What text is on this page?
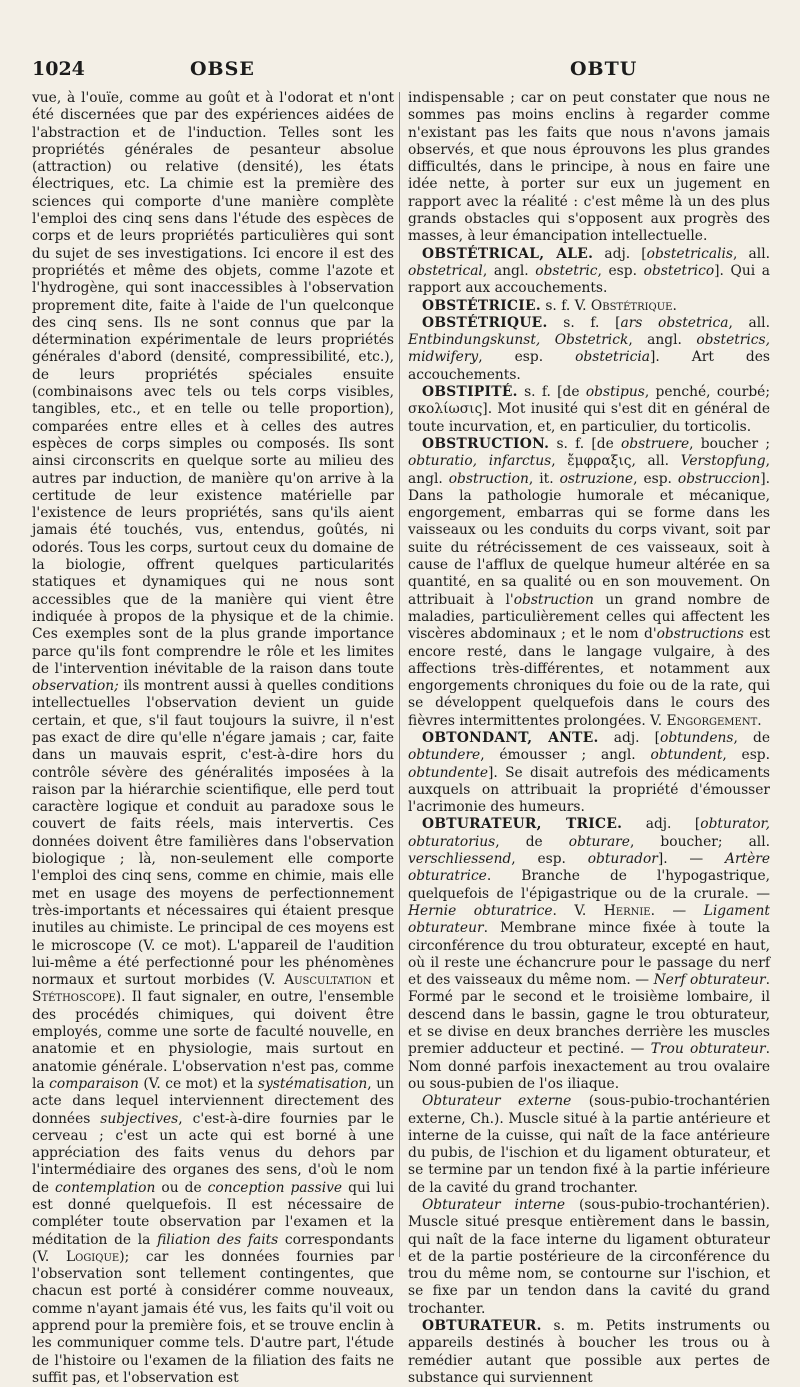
1024	OBSE	OBTU

vue, à l'ouïe, comme au goût et à l'odorat et n'ont été discernées que par des expériences aidées de l'abstraction et de l'induction. Telles sont les propriétés générales de pesanteur absolue (attraction) ou relative (densité), les états électriques, etc. La chimie est la première des sciences qui comporte d'une manière complète l'emploi des cinq sens dans l'étude des espèces de corps et de leurs propriétés particulières qui sont du sujet de ses investigations. Ici encore il est des propriétés et même des objets, comme l'azote et l'hydrogène, qui sont inaccessibles à l'observation proprement dite, faite à l'aide de l'un quelconque des cinq sens. Ils ne sont connus que par la détermination expérimentale de leurs propriétés générales d'abord (densité, compressibilité, etc.), de leurs propriétés spéciales ensuite (combinaisons avec tels ou tels corps visibles, tangibles, etc., et en telle ou telle proportion), comparées entre elles et à celles des autres espèces de corps simples ou composés. Ils sont ainsi circonscrits en quelque sorte au milieu des autres par induction, de manière qu'on arrive à la certitude de leur existence matérielle par l'existence de leurs propriétés, sans qu'ils aient jamais été touchés, vus, entendus, goûtés, ni odorés. Tous les corps, surtout ceux du domaine de la biologie, offrent quelques particularités statiques et dynamiques qui ne nous sont accessibles que de la manière qui vient être indiquée à propos de la physique et de la chimie. Ces exemples sont de la plus grande importance parce qu'ils font comprendre le rôle et les limites de l'intervention inévitable de la raison dans toute observation; ils montrent aussi à quelles conditions intellectuelles l'observation devient un guide certain, et que, s'il faut toujours la suivre, il n'est pas exact de dire qu'elle n'égare jamais ; car, faite dans un mauvais esprit, c'est-à-dire hors du contrôle sévère des généralités imposées à la raison par la hiérarchie scientifique, elle perd tout caractère logique et conduit au paradoxe sous le couvert de faits réels, mais intervertis. Ces données doivent être familières dans l'observation biologique ; là, non-seulement elle comporte l'emploi des cinq sens, comme en chimie, mais elle met en usage des moyens de perfectionnement très-importants et nécessaires qui étaient presque inutiles au chimiste. Le principal de ces moyens est le microscope (V. ce mot). L'appareil de l'audition lui-même a été perfectionné pour les phénomènes normaux et surtout morbides (V. Auscultation et Stéthoscope). Il faut signaler, en outre, l'ensemble des procédés chimiques, qui doivent être employés, comme une sorte de faculté nouvelle, en anatomie et en physiologie, mais surtout en anatomie générale. L'observation n'est pas, comme la comparaison (V. ce mot) et la systématisation, un acte dans lequel interviennent directement des données subjectives, c'est-à-dire fournies par le cerveau ; c'est un acte qui est borné à une appréciation des faits venus du dehors par l'intermédiaire des organes des sens, d'où le nom de contemplation ou de conception passive qui lui est donné quelquefois. Il est nécessaire de compléter toute observation par l'examen et la méditation de la filiation des faits correspondants (V. Logique); car les données fournies par l'observation sont tellement contingentes, que chacun est porté à considérer comme nouveaux, comme n'ayant jamais été vus, les faits qu'il voit ou apprend pour la première fois, et se trouve enclin à les communiquer comme tels. D'autre part, l'étude de l'histoire ou l'examen de la filiation des faits ne suffit pas, et l'observation est

indispensable ; car on peut constater que nous ne sommes pas moins enclins à regarder comme n'existant pas les faits que nous n'avons jamais observés, et que nous éprouvons les plus grandes difficultés, dans le principe, à nous en faire une idée nette, à porter sur eux un jugement en rapport avec la réalité : c'est même là un des plus grands obstacles qui s'opposent aux progrès des masses, à leur émancipation intellectuelle.

OBSTÉTRICAL, ALE. adj. [obstetricalis, all. obstetrical, angl. obstetric, esp. obstetrico]. Qui a rapport aux accouchements.

OBSTÉTRICIE. s. f. V. Obstétrique.

OBSTÉTRIQUE. s. f. [ars obstetrica, all. Entbindungskunst, Obstetrick, angl. obstetrics, midwifery, esp. obstetricia]. Art des accouchements.

OBSTIPITÉ. s. f. [de obstipus, penché, courbé; σκολίωσις]. Mot inusité qui s'est dit en général de toute incurvation, et, en particulier, du torticolis.

OBSTRUCTION. s. f. [de obstruere, boucher ; obturatio, infarctus, ἔμφραξις, all. Verstopfung, angl. obstruction, it. ostruzione, esp. obstruccion]. Dans la pathologie humorale et mécanique, engorgement, embarras qui se forme dans les vaisseaux ou les conduits du corps vivant, soit par suite du rétrécissement de ces vaisseaux, soit à cause de l'afflux de quelque humeur altérée en sa quantité, en sa qualité ou en son mouvement. On attribuait à l'obstruction un grand nombre de maladies, particulièrement celles qui affectent les viscères abdominaux ; et le nom d'obstructions est encore resté, dans le langage vulgaire, à des affections très-différentes, et notamment aux engorgements chroniques du foie ou de la rate, qui se développent quelquefois dans le cours des fièvres intermittentes prolongées. V. Engorgement.

OBTONDANT, ANTE. adj. [obtundens, de obtundere, émousser ; angl. obtundent, esp. obtundente]. Se disait autrefois des médicaments auxquels on attribuait la propriété d'émousser l'acrimonie des humeurs.

OBTURATEUR, TRICE. adj. [obturator, obturatorius, de obturare, boucher; all. verschliessend, esp. obturador]. — Artère obturatrice. Branche de l'hypogastrique, quelquefois de l'épigastrique ou de la crurale. — Hernie obturatrice. V. Hernie. — Ligament obturateur. Membrane mince fixée à toute la circonférence du trou obturateur, excepté en haut, où il reste une échancrure pour le passage du nerf et des vaisseaux du même nom. — Nerf obturateur. Formé par le second et le troisième lombaire, il descend dans le bassin, gagne le trou obturateur, et se divise en deux branches derrière les muscles premier adducteur et pectiné. — Trou obturateur. Nom donné parfois inexactement au trou ovalaire ou sous-pubien de l'os iliaque.

Obturateur externe (sous-pubio-trochantérien externe, Ch.). Muscle situé à la partie antérieure et interne de la cuisse, qui naît de la face antérieure du pubis, de l'ischion et du ligament obturateur, et se termine par un tendon fixé à la partie inférieure de la cavité du grand trochanter.

Obturateur interne (sous-pubio-trochantérien). Muscle situé presque entièrement dans le bassin, qui naît de la face interne du ligament obturateur et de la partie postérieure de la circonférence du trou du même nom, se contourne sur l'ischion, et se fixe par un tendon dans la cavité du grand trochanter.

OBTURATEUR. s. m. Petits instruments ou appareils destinés à boucher les trous ou à remédier autant que possible aux pertes de substance qui surviennent
